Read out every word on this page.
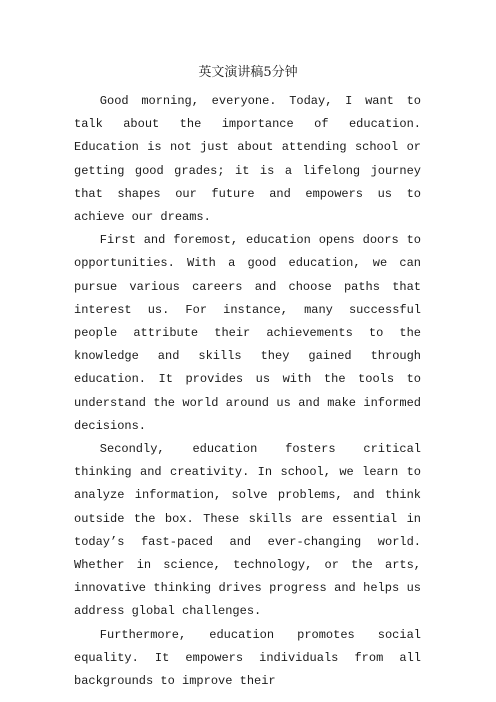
英文演讲稿5分钟

Good morning, everyone. Today, I want to talk about the importance of education. Education is not just about attending school or getting good grades; it is a lifelong journey that shapes our future and empowers us to achieve our dreams.

First and foremost, education opens doors to opportunities. With a good education, we can pursue various careers and choose paths that interest us. For instance, many successful people attribute their achievements to the knowledge and skills they gained through education. It provides us with the tools to understand the world around us and make informed decisions.

Secondly, education fosters critical thinking and creativity. In school, we learn to analyze information, solve problems, and think outside the box. These skills are essential in today’s fast-paced and ever-changing world. Whether in science, technology, or the arts, innovative thinking drives progress and helps us address global challenges.

Furthermore, education promotes social equality. It empowers individuals from all backgrounds to improve their
